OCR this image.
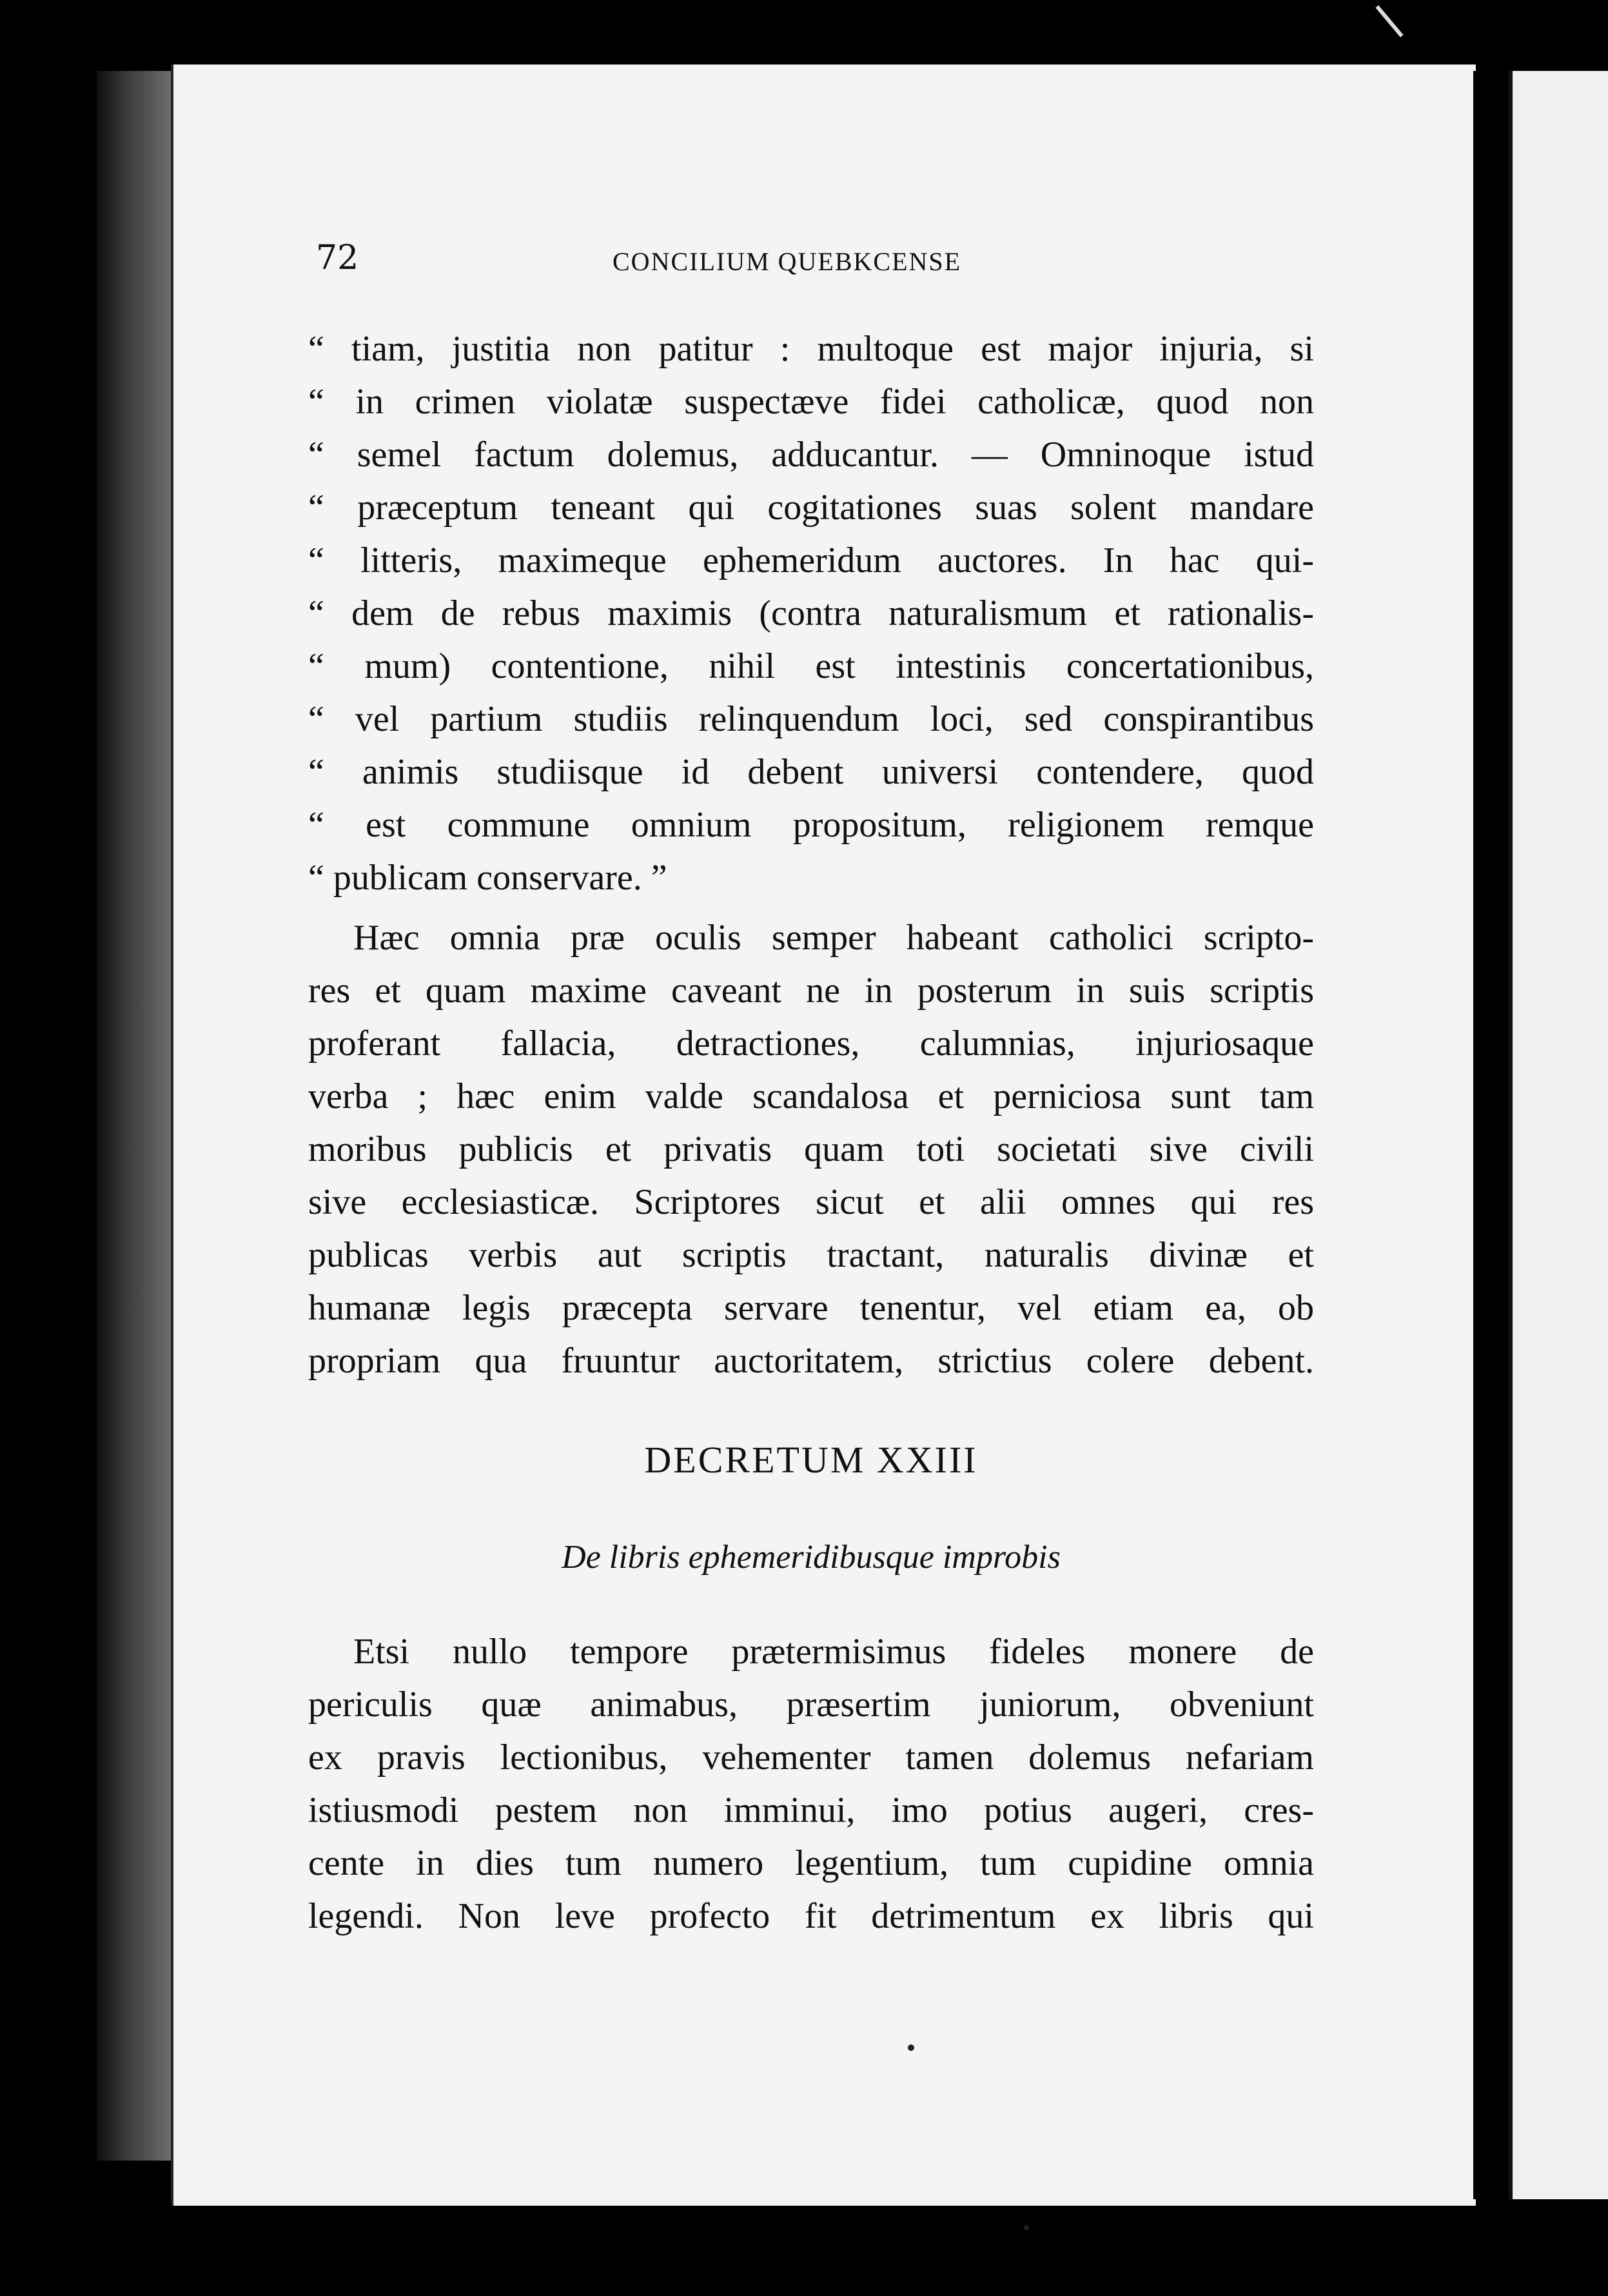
72	CONCILIUM QUEBKCENSE
“ tiam, justitia non patitur : multoque est major injuria, si
“ in crimen violatæ suspectæve fidei catholicæ, quod non
“ semel factum dolemus, adducantur. — Omninoque istud
“ præceptum teneant qui cogitationes suas solent mandare
“ litteris, maximeque ephemeridum auctores. In hac qui-
“ dem de rebus maximis (contra naturalismum et rationalis-
“ mum) contentione, nihil est intestinis concertationibus,
“ vel partium studiis relinquendum loci, sed conspirantibus
“ animis studiisque id debent universi contendere, quod
“ est commune omnium propositum, religionem remque
“ publicam conservare. ”
Hæc omnia præ oculis semper habeant catholici scripto-
res et quam maxime caveant ne in posterum in suis scriptis
proferant fallacia, detractiones, calumnias, injuriosaque
verba ; hæc enim valde scandalosa et perniciosa sunt tam
moribus publicis et privatis quam toti societati sive civili
sive ecclesiasticæ. Scriptores sicut et alii omnes qui res
publicas verbis aut scriptis tractant, naturalis divinæ et
humanæ legis præcepta servare tenentur, vel etiam ea, ob
propriam qua fruuntur auctoritatem, strictius colere debent.
DECRETUM XXIII
De libris ephemeridibusque improbis
Etsi nullo tempore prætermisimus fideles monere de
periculis quæ animabus, præsertim juniorum, obveniunt
ex pravis lectionibus, vehementer tamen dolemus nefariam
istiusmodi pestem non imminui, imo potius augeri, cres-
cente in dies tum numero legentium, tum cupidine omnia
legendi. Non leve profecto fit detrimentum ex libris qui
